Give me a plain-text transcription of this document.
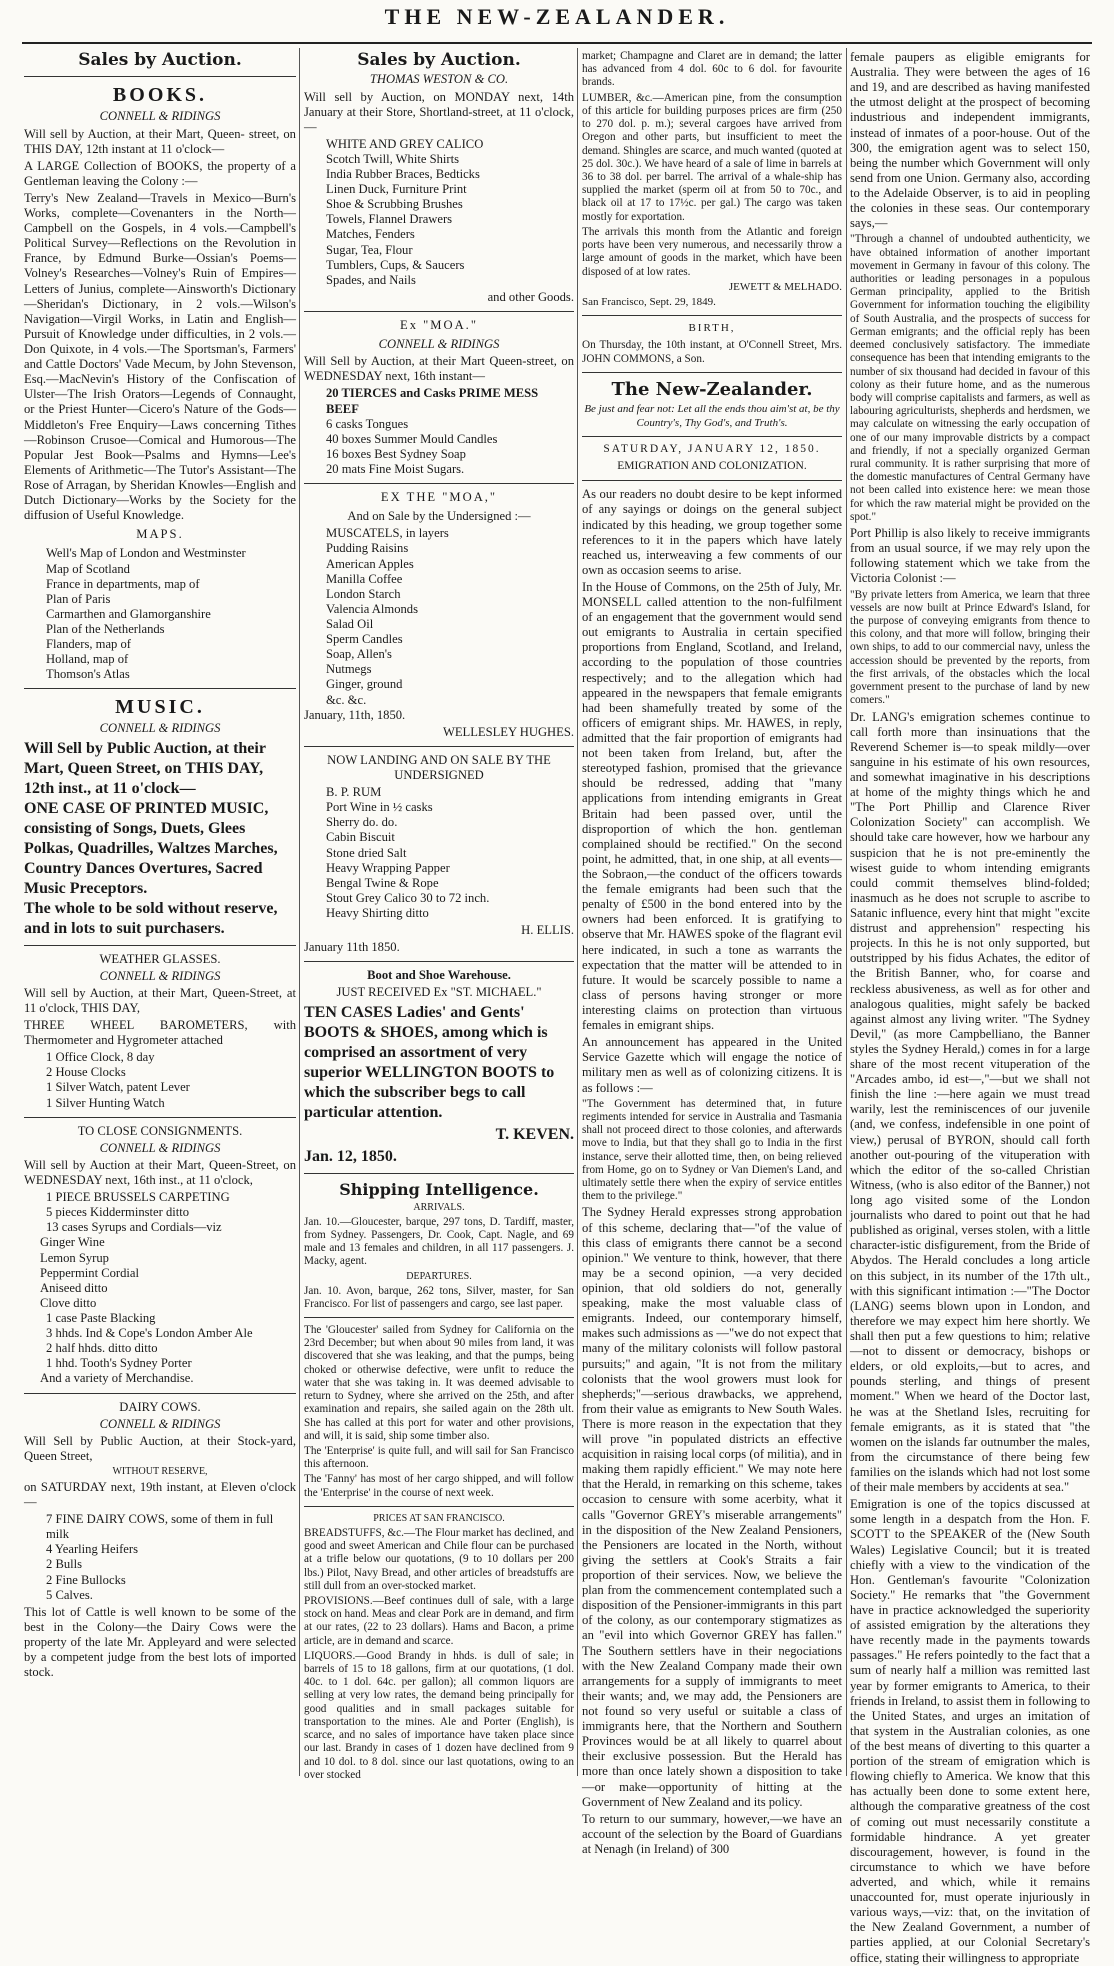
THE NEW-ZEALANDER.
Sales by Auction.
BOOKS.
CONNELL & RIDINGS
Will sell by Auction, at their Mart, Queen- street, on THIS DAY, 12th instant at 11 o'clock—
A LARGE Collection of BOOKS, the property of a Gentleman leaving the Colony :—
Terry's New Zealand—Travels in Mexico—Burn's Works, complete—Covenanters in the North—Campbell on the Gospels, in 4 vols.—Campbell's Political Survey—Reflections on the Revolution in France, by Edmund Burke—Ossian's Poems—Volney's Researches—Volney's Ruin of Empires—Letters of Junius, complete—Ainsworth's Dictionary—Sheridan's Dictionary, in 2 vols.—Wilson's Navigation—Virgil Works, in Latin and English—Pursuit of Knowledge under difficulties, in 2 vols.—Don Quixote, in 4 vols.—The Sportsman's, Farmers' and Cattle Doctors' Vade Mecum, by John Stevenson, Esq.—MacNevin's History of the Confiscation of Ulster—The Irish Orators—Legends of Connaught, or the Priest Hunter—Cicero's Nature of the Gods—Middleton's Free Enquiry—Laws concerning Tithes—Robinson Crusoe—Comical and Humorous—The Popular Jest Book—Psalms and Hymns—Lee's Elements of Arithmetic—The Tutor's Assistant—The Rose of Arragan, by Sheridan Knowles—English and Dutch Dictionary—Works by the Society for the diffusion of Useful Knowledge.
MAPS.
Well's Map of London and Westminster
Map of Scotland
France in departments, map of
Plan of Paris
Carmarthen and Glamorganshire
Plan of the Netherlands
Flanders, map of
Holland, map of
Thomson's Atlas
MUSIC.
CONNELL & RIDINGS
Will Sell by Public Auction, at their Mart, Queen Street, on THIS DAY, 12th inst., at 11 o'clock—
ONE CASE OF PRINTED MUSIC, consisting of Songs, Duets, Glees Polkas, Quadrilles, Waltzes Marches, Country Dances Overtures, Sacred Music Preceptors.
The whole to be sold without reserve, and in lots to suit purchasers.
WEATHER GLASSES.
CONNELL & RIDINGS
Will sell by Auction, at their Mart, Queen-Street, at 11 o'clock, THIS DAY,
THREE WHEEL BAROMETERS, with Thermometer and Hygrometer attached
1 Office Clock, 8 day
2 House Clocks
1 Silver Watch, patent Lever
1 Silver Hunting Watch
TO CLOSE CONSIGNMENTS.
CONNELL & RIDINGS
Will sell by Auction at their Mart, Queen-Street, on WEDNESDAY next, 16th inst., at 11 o'clock,
1 PIECE BRUSSELS CARPETING
5 pieces Kidderminster ditto
13 cases Syrups and Cordials—viz
Ginger Wine
Lemon Syrup
Peppermint Cordial
Aniseed ditto
Clove ditto
1 case Paste Blacking
3 hhds. Ind & Cope's London Amber Ale
2 half hhds. ditto ditto
1 hhd. Tooth's Sydney Porter
And a variety of Merchandise.
DAIRY COWS.
CONNELL & RIDINGS
Will Sell by Public Auction, at their Stock-yard, Queen Street,
WITHOUT RESERVE,
on SATURDAY next, 19th instant, at Eleven o'clock—
7 FINE DAIRY COWS, some of them in full milk
4 Yearling Heifers
2 Bulls
2 Fine Bullocks
5 Calves.
This lot of Cattle is well known to be some of the best in the Colony—the Dairy Cows were the property of the late Mr. Appleyard and were selected by a competent judge from the best lots of imported stock.
Sales by Auction.
THOMAS WESTON & CO.
Will sell by Auction, on MONDAY next, 14th January at their Store, Shortland-street, at 11 o'clock,—
WHITE AND GREY CALICO
Scotch Twill, White Shirts
India Rubber Braces, Bedticks
Linen Duck, Furniture Print
Shoe & Scrubbing Brushes
Towels, Flannel Drawers
Matches, Fenders
Sugar, Tea, Flour
Tumblers, Cups, & Saucers
Spades, and Nails
and other Goods.
Ex "MOA."
CONNELL & RIDINGS
Will Sell by Auction, at their Mart Queen-street, on WEDNESDAY next, 16th instant—
20 TIERCES and Casks PRIME MESS BEEF
6 casks Tongues
40 boxes Summer Mould Candles
16 boxes Best Sydney Soap
20 mats Fine Moist Sugars.
EX THE "MOA,"
And on Sale by the Undersigned :—
MUSCATELS, in layers
Pudding Raisins
American Apples
Manilla Coffee
London Starch
Valencia Almonds
Salad Oil
Sperm Candles
Soap, Allen's
Nutmegs
Ginger, ground
&c. &c.
January, 11th, 1850.
WELLESLEY HUGHES.
NOW LANDING AND ON SALE BY THE UNDERSIGNED
B. P. RUM
Port Wine in ½ casks
Sherry do. do.
Cabin Biscuit
Stone dried Salt
Heavy Wrapping Papper
Bengal Twine & Rope
Stout Grey Calico 30 to 72 inch.
Heavy Shirting ditto
H. ELLIS.
January 11th 1850.
Boot and Shoe Warehouse.
JUST RECEIVED Ex "ST. MICHAEL."
TEN CASES Ladies' and Gents' BOOTS & SHOES, among which is comprised an assortment of very superior WELLINGTON BOOTS to which the subscriber begs to call particular attention.
T. KEVEN.
Jan. 12, 1850.
Shipping Intelligence.
ARRIVALS.
Jan. 10.—Gloucester, barque, 297 tons, D. Tardiff, master, from Sydney. Passengers, Dr. Cook, Capt. Nagle, and 69 male and 13 females and children, in all 117 passengers. J. Macky, agent.
DEPARTURES.
Jan. 10. Avon, barque, 262 tons, Silver, master, for San Francisco. For list of passengers and cargo, see last paper.
The 'Gloucester' sailed from Sydney for California on the 23rd December; but when about 90 miles from land, it was discovered that she was leaking, and that the pumps, being choked or otherwise defective, were unfit to reduce the water that she was taking in. It was deemed advisable to return to Sydney, where she arrived on the 25th, and after examination and repairs, she sailed again on the 28th ult. She has called at this port for water and other provisions, and will, it is said, ship some timber also.
The 'Enterprise' is quite full, and will sail for San Francisco this afternoon.
The 'Fanny' has most of her cargo shipped, and will follow the 'Enterprise' in the course of next week.
PRICES AT SAN FRANCISCO.
BREADSTUFFS, &c.—The Flour market has declined, and good and sweet American and Chile flour can be purchased at a trifle below our quotations, (9 to 10 dollars per 200 lbs.) Pilot, Navy Bread, and other articles of breadstuffs are still dull from an over-stocked market.
PROVISIONS.—Beef continues dull of sale, with a large stock on hand. Meas and clear Pork are in demand, and firm at our rates, (22 to 23 dollars). Hams and Bacon, a prime article, are in demand and scarce.
LIQUORS.—Good Brandy in hhds. is dull of sale; in barrels of 15 to 18 gallons, firm at our quotations, (1 dol. 40c. to 1 dol. 64c. per gallon); all common liquors are selling at very low rates, the demand being principally for good qualities and in small packages suitable for transportation to the mines. Ale and Porter (English), is scarce, and no sales of importance have taken place since our last. Brandy in cases of 1 dozen have declined from 9 and 10 dol. to 8 dol. since our last quotations, owing to an over stocked
market; Champagne and Claret are in demand; the latter has advanced from 4 dol. 60c to 6 dol. for favourite brands.
LUMBER, &c.—American pine, from the consumption of this article for building purposes prices are firm (250 to 270 dol. p. m.); several cargoes have arrived from Oregon and other parts, but insufficient to meet the demand. Shingles are scarce, and much wanted (quoted at 25 dol. 30c.). We have heard of a sale of lime in barrels at 36 to 38 dol. per barrel. The arrival of a whale-ship has supplied the market (sperm oil at from 50 to 70c., and black oil at 17 to 17½c. per gal.) The cargo was taken mostly for exportation.
The arrivals this month from the Atlantic and foreign ports have been very numerous, and necessarily throw a large amount of goods in the market, which have been disposed of at low rates.
JEWETT & MELHADO.
San Francisco, Sept. 29, 1849.
BIRTH,
On Thursday, the 10th instant, at O'Connell Street, Mrs. JOHN COMMONS, a Son.
The New-Zealander.
Be just and fear not: Let all the ends thou aim'st at, be thy Country's, Thy God's, and Truth's.
SATURDAY, JANUARY 12, 1850.
EMIGRATION AND COLONIZATION.
As our readers no doubt desire to be kept informed of any sayings or doings on the general subject indicated by this heading, we group together some references to it in the papers which have lately reached us, interweaving a few comments of our own as occasion seems to arise.
In the House of Commons, on the 25th of July, Mr. MONSELL called attention to the non-fulfilment of an engagement that the government would send out emigrants to Australia in certain specified proportions from England, Scotland, and Ireland, according to the population of those countries respectively; and to the allegation which had appeared in the newspapers that female emigrants had been shamefully treated by some of the officers of emigrant ships. Mr. HAWES, in reply, admitted that the fair proportion of emigrants had not been taken from Ireland, but, after the stereotyped fashion, promised that the grievance should be redressed, adding that "many applications from intending emigrants in Great Britain had been passed over, until the disproportion of which the hon. gentleman complained should be rectified." On the second point, he admitted, that, in one ship, at all events—the Sobraon,—the conduct of the officers towards the female emigrants had been such that the penalty of £500 in the bond entered into by the owners had been enforced. It is gratifying to observe that Mr. HAWES spoke of the flagrant evil here indicated, in such a tone as warrants the expectation that the matter will be attended to in future. It would be scarcely possible to name a class of persons having stronger or more interesting claims on protection than virtuous females in emigrant ships.
An announcement has appeared in the United Service Gazette which will engage the notice of military men as well as of colonizing citizens. It is as follows :—
"The Government has determined that, in future regiments intended for service in Australia and Tasmania shall not proceed direct to those colonies, and afterwards move to India, but that they shall go to India in the first instance, serve their allotted time, then, on being relieved from Home, go on to Sydney or Van Diemen's Land, and ultimately settle there when the expiry of service entitles them to the privilege."
The Sydney Herald expresses strong approbation of this scheme, declaring that—"of the value of this class of emigrants there cannot be a second opinion." We venture to think, however, that there may be a second opinion, —a very decided opinion, that old soldiers do not, generally speaking, make the most valuable class of emigrants. Indeed, our contemporary himself, makes such admissions as —"we do not expect that many of the military colonists will follow pastoral pursuits;" and again, "It is not from the military colonists that the wool growers must look for shepherds;"—serious drawbacks, we apprehend, from their value as emigrants to New South Wales. There is more reason in the expectation that they will prove "in populated districts an effective acquisition in raising local corps (of militia), and in making them rapidly efficient." We may note here that the Herald, in remarking on this scheme, takes occasion to censure with some acerbity, what it calls "Governor GREY's miserable arrangements" in the disposition of the New Zealand Pensioners, the Pensioners are located in the North, without giving the settlers at Cook's Straits a fair proportion of their services. Now, we believe the plan from the commencement contemplated such a disposition of the Pensioner-immigrants in this part of the colony, as our contemporary stigmatizes as an "evil into which Governor GREY has fallen." The Southern settlers have in their negociations with the New Zealand Company made their own arrangements for a supply of immigrants to meet their wants; and, we may add, the Pensioners are not found so very useful or suitable a class of immigrants here, that the Northern and Southern Provinces would be at all likely to quarrel about their exclusive possession. But the Herald has more than once lately shown a disposition to take—or make—opportunity of hitting at the Government of New Zealand and its policy.
To return to our summary, however,—we have an account of the selection by the Board of Guardians at Nenagh (in Ireland) of 300
female paupers as eligible emigrants for Australia. They were between the ages of 16 and 19, and are described as having manifested the utmost delight at the prospect of becoming industrious and independent immigrants, instead of inmates of a poor-house. Out of the 300, the emigration agent was to select 150, being the number which Government will only send from one Union. Germany also, according to the Adelaide Observer, is to aid in peopling the colonies in these seas. Our contemporary says,—
"Through a channel of undoubted authenticity, we have obtained information of another important movement in Germany in favour of this colony. The authorities or leading personages in a populous German principality, applied to the British Government for information touching the eligibility of South Australia, and the prospects of success for German emigrants; and the official reply has been deemed conclusively satisfactory. The immediate consequence has been that intending emigrants to the number of six thousand had decided in favour of this colony as their future home, and as the numerous body will comprise capitalists and farmers, as well as labouring agriculturists, shepherds and herdsmen, we may calculate on witnessing the early occupation of one of our many improvable districts by a compact and friendly, if not a specially organized German rural community. It is rather surprising that more of the domestic manufactures of Central Germany have not been called into existence here: we mean those for which the raw material might be provided on the spot."
Port Phillip is also likely to receive immigrants from an usual source, if we may rely upon the following statement which we take from the Victoria Colonist :—
"By private letters from America, we learn that three vessels are now built at Prince Edward's Island, for the purpose of conveying emigrants from thence to this colony, and that more will follow, bringing their own ships, to add to our commercial navy, unless the accession should be prevented by the reports, from the first arrivals, of the obstacles which the local government present to the purchase of land by new comers."
Dr. LANG's emigration schemes continue to call forth more than insinuations that the Reverend Schemer is—to speak mildly—over sanguine in his estimate of his own resources, and somewhat imaginative in his descriptions at home of the mighty things which he and "The Port Phillip and Clarence River Colonization Society" can accomplish. We should take care however, how we harbour any suspicion that he is not pre-eminently the wisest guide to whom intending emigrants could commit themselves blind-folded; inasmuch as he does not scruple to ascribe to Satanic influence, every hint that might "excite distrust and apprehension" respecting his projects. In this he is not only supported, but outstripped by his fidus Achates, the editor of the British Banner, who, for coarse and reckless abusiveness, as well as for other and analogous qualities, might safely be backed against almost any living writer. "The Sydney Devil," (as more Campbelliano, the Banner styles the Sydney Herald,) comes in for a large share of the most recent vituperation of the "Arcades ambo, id est—,"—but we shall not finish the line :—here again we must tread warily, lest the reminiscences of our juvenile (and, we confess, indefensible in one point of view,) perusal of BYRON, should call forth another out-pouring of the vituperation with which the editor of the so-called Christian Witness, (who is also editor of the Banner,) not long ago visited some of the London journalists who dared to point out that he had published as original, verses stolen, with a little character-istic disfigurement, from the Bride of Abydos. The Herald concludes a long article on this subject, in its number of the 17th ult., with this significant intimation :—"The Doctor (LANG) seems blown upon in London, and therefore we may expect him here shortly. We shall then put a few questions to him; relative—not to dissent or democracy, bishops or elders, or old exploits,—but to acres, and pounds sterling, and things of present moment." When we heard of the Doctor last, he was at the Shetland Isles, recruiting for female emigrants, as it is stated that "the women on the islands far outnumber the males, from the circumstance of there being few families on the islands which had not lost some of their male members by accidents at sea."
Emigration is one of the topics discussed at some length in a despatch from the Hon. F. SCOTT to the SPEAKER of the (New South Wales) Legislative Council; but it is treated chiefly with a view to the vindication of the Hon. Gentleman's favourite "Colonization Society." He remarks that "the Government have in practice acknowledged the superiority of assisted emigration by the alterations they have recently made in the payments towards passages." He refers pointedly to the fact that a sum of nearly half a million was remitted last year by former emigrants to America, to their friends in Ireland, to assist them in following to the United States, and urges an imitation of that system in the Australian colonies, as one of the best means of diverting to this quarter a portion of the stream of emigration which is flowing chiefly to America. We know that this has actually been done to some extent here, although the comparative greatness of the cost of coming out must necessarily constitute a formidable hindrance. A yet greater discouragement, however, is found in the circumstance to which we have before adverted, and which, while it remains unaccounted for, must operate injuriously in various ways,—viz: that, on the invitation of the New Zealand Government, a number of parties applied, at our Colonial Secretary's office, stating their willingness to appropriate
